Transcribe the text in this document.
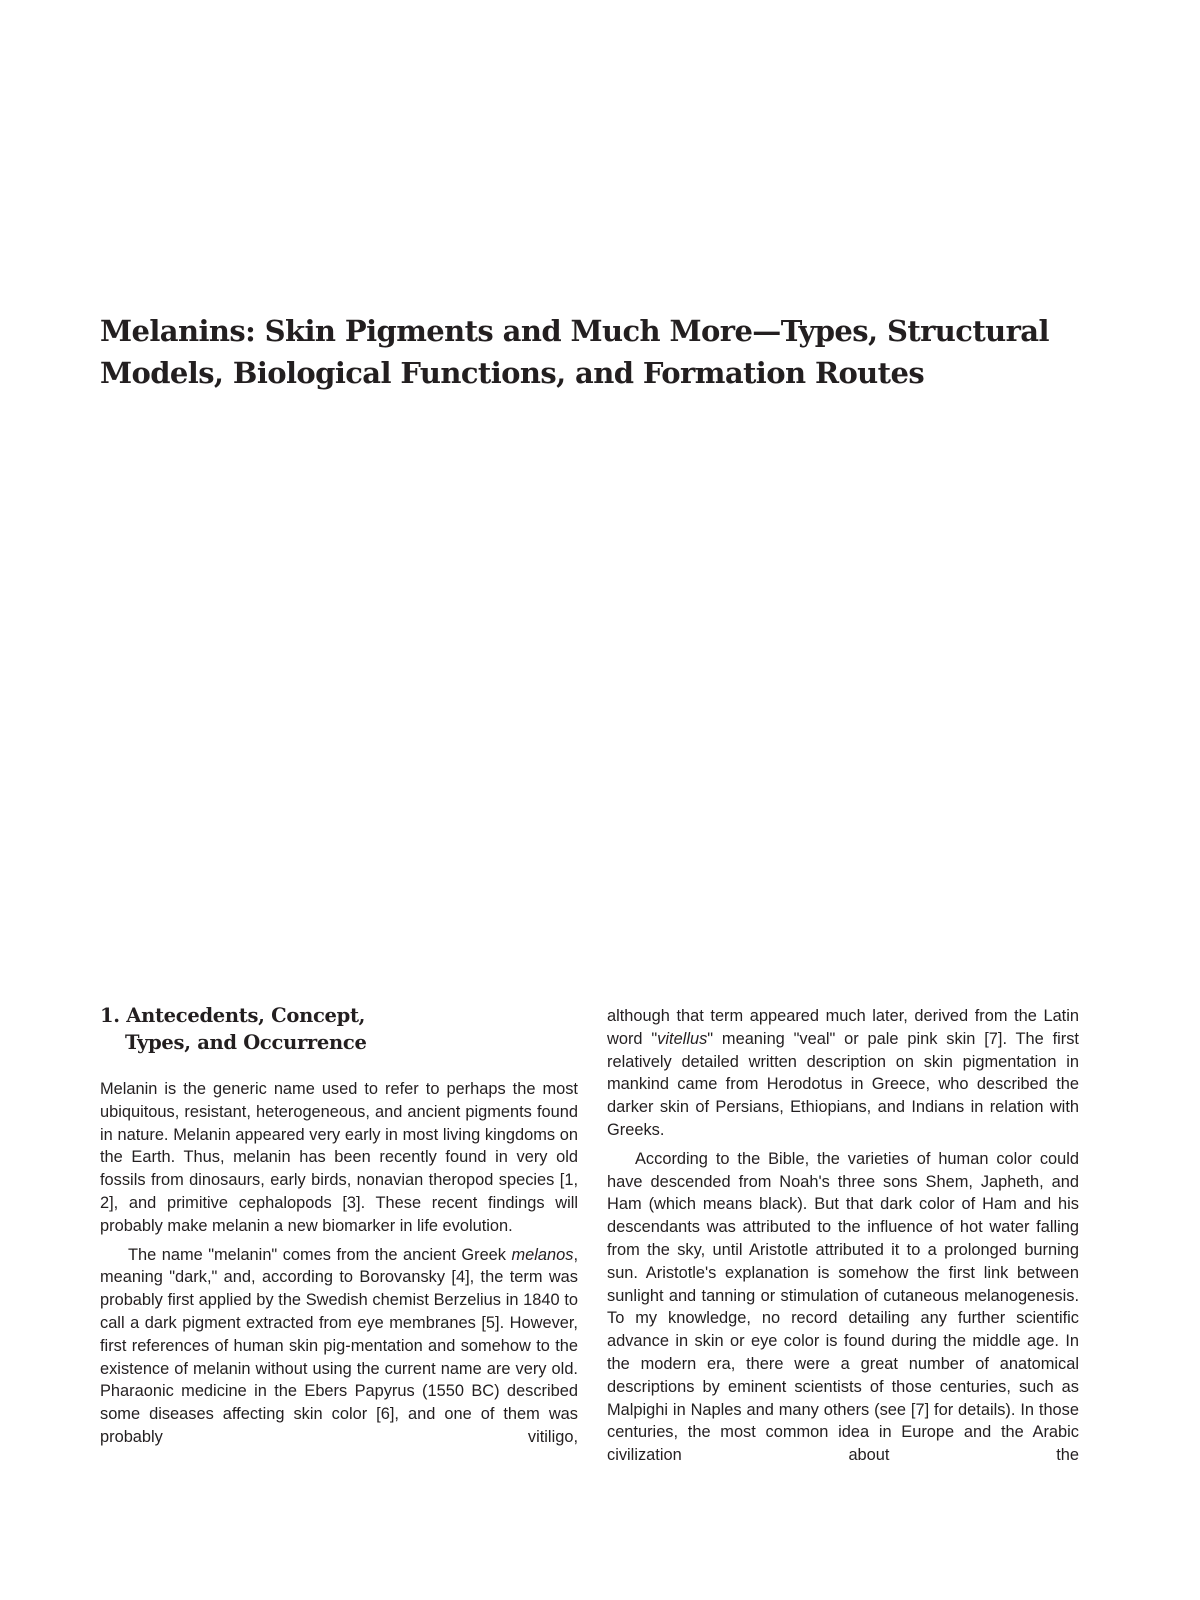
Melanins: Skin Pigments and Much More—Types, Structural
Models, Biological Functions, and Formation Routes
1. Antecedents, Concept,
Types, and Occurrence

Melanin is the generic name used to refer to perhaps the most ubiquitous, resistant, heterogeneous, and ancient pigments found in nature. Melanin appeared very early in most living kingdoms on the Earth. Thus, melanin has been recently found in very old fossils from dinosaurs, early birds, nonavian theropod species [1, 2], and primitive cephalopods [3]. These recent findings will probably make melanin a new biomarker in life evolution.

The name "melanin" comes from the ancient Greek melanos, meaning "dark," and, according to Borovansky [4], the term was probably first applied by the Swedish chemist Berzelius in 1840 to call a dark pigment extracted from eye membranes [5]. However, first references of human skin pig-mentation and somehow to the existence of melanin without using the current name are very old. Pharaonic medicine in the Ebers Papyrus (1550 BC) described some diseases affecting skin color [6], and one of them was probably vitiligo,

although that term appeared much later, derived from the Latin word "vitellus" meaning "veal" or pale pink skin [7]. The first relatively detailed written description on skin pigmentation in mankind came from Herodotus in Greece, who described the darker skin of Persians, Ethiopians, and Indians in relation with Greeks.

According to the Bible, the varieties of human color could have descended from Noah's three sons Shem, Japheth, and Ham (which means black). But that dark color of Ham and his descendants was attributed to the influence of hot water falling from the sky, until Aristotle attributed it to a prolonged burning sun. Aristotle's explanation is somehow the first link between sunlight and tanning or stimulation of cutaneous melanogenesis. To my knowledge, no record detailing any further scientific advance in skin or eye color is found during the middle age. In the modern era, there were a great number of anatomical descriptions by eminent scientists of those centuries, such as Malpighi in Naples and many others (see [7] for details). In those centuries, the most common idea in Europe and the Arabic civilization about the
